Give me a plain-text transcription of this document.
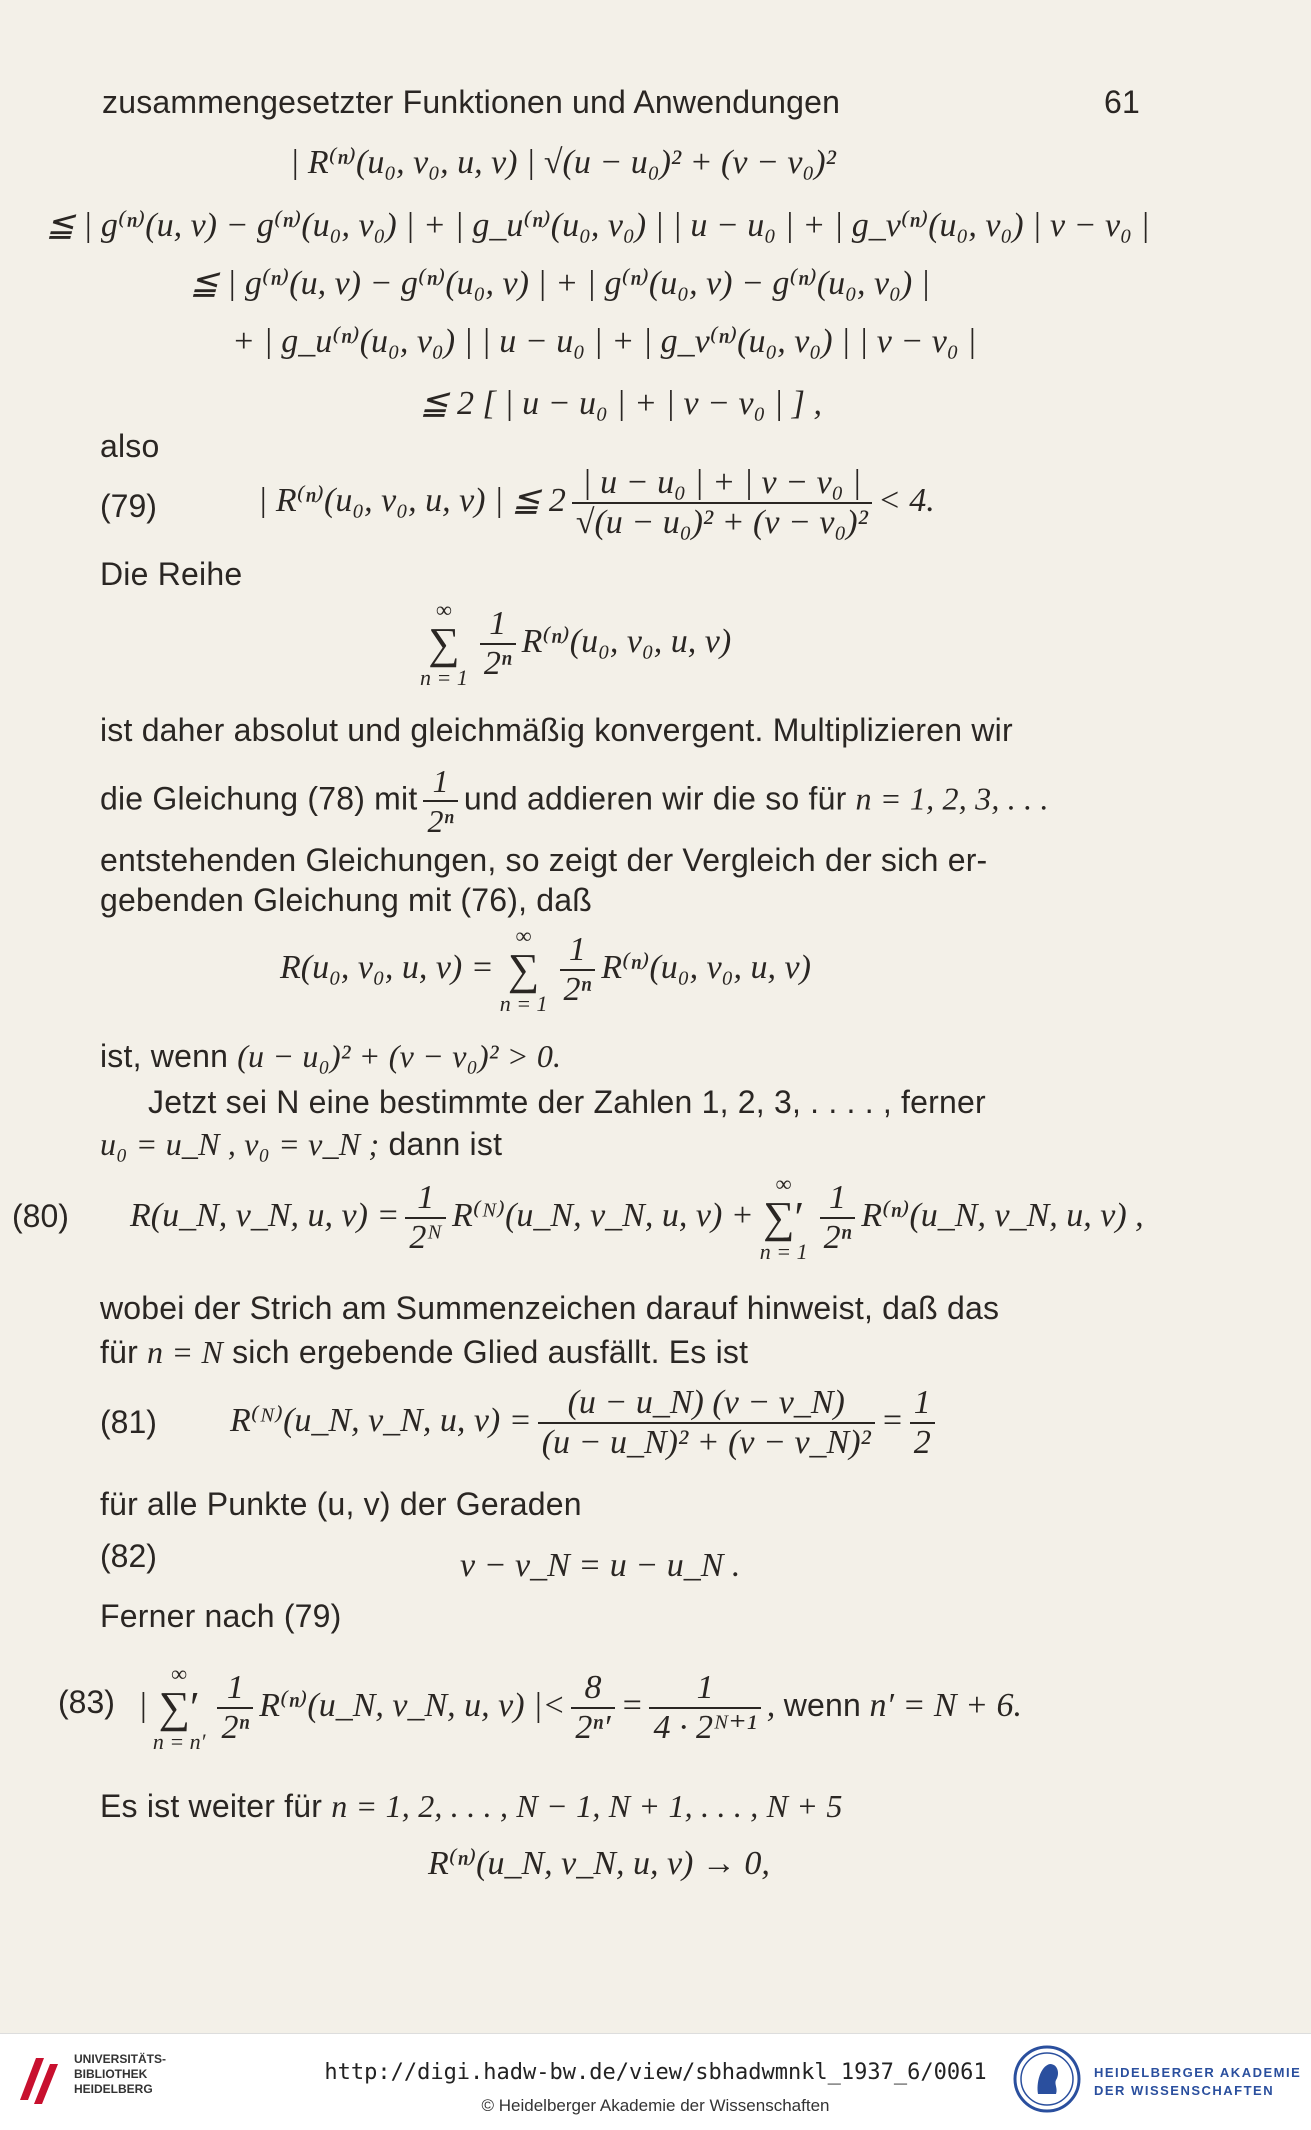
zusammengesetzter Funktionen und Anwendungen	61
| R⁽ⁿ⁾(u₀, v₀, u, v) | √(u − u₀)² + (v − v₀)²
≦ | g⁽ⁿ⁾(u, v) − g⁽ⁿ⁾(u₀, v₀) | + | g_u⁽ⁿ⁾(u₀, v₀) | | u − u₀ | + | g_v⁽ⁿ⁾(u₀, v₀) | v − v₀ |
≦ | g⁽ⁿ⁾(u, v) − g⁽ⁿ⁾(u₀, v) | + | g⁽ⁿ⁾(u₀, v) − g⁽ⁿ⁾(u₀, v₀) |
+ | g_u⁽ⁿ⁾(u₀, v₀) | | u − u₀ | + | g_v⁽ⁿ⁾(u₀, v₀) | | v − v₀ |
≦ 2 [ | u − u₀ | + | v − v₀ | ] ,
also
(79)	| R⁽ⁿ⁾(u₀, v₀, u, v) | ≦ $2 \frac{\text{| u − u₀ | + | v − v₀ |}}{\text{√(u − u₀)² + (v − v₀)²}} < 4$.
Die Reihe
∞
∑
$n = 1 \frac{1}{\text{2ⁿ}} R^{(n)}(u_0$, v₀, u, v)
ist daher absolut und gleichmäßig konvergent. Multiplizieren wir
die Gleichung (78) mit $\frac{1}{\text{2ⁿ}}$ und addieren wir die so für n = 1, 2, 3, . . .
entstehenden Gleichungen, so zeigt der Vergleich der sich er-
gebenden Gleichung mit (76), daß
R(u₀, v₀, u, v) =
∞
∑
$n = 1 \frac{1}{\text{2ⁿ}} R^{(n)}(u_0$, v₀, u, v)
ist, wenn (u − u₀)² + (v − v₀)² > 0.
Jetzt sei N eine bestimmte der Zahlen 1, 2, 3, . . . . , ferner
u₀ = u_N , v₀ = v_N ; dann ist
(80) R(u_N, v_N, u, $v) = \frac{1}{\text{2ᴺ}}$ R⁽ᴺ⁾(u_N, v_N, u, v) +
∞
∑′
$n = 1 \frac{1}{\text{2ⁿ}}$ R⁽ⁿ⁾(u_N, v_N, u, v) ,
wobei der Strich am Summenzeichen darauf hinweist, daß das
für n = N sich ergebende Glied ausfällt. Es ist
(81) R⁽ᴺ⁾(u_N, v_N, u, $v) = \frac{(u - u\_N) (v - v\_N)}{\text{(u − u\_N)² + (v − v\_N)²}} = \frac{1}{2}$
für alle Punkte (u, v) der Geraden
(82)	v − v_N = u − u_N .
Ferner nach (79)
(83) |
∞
∑′
$n = n' \frac{1}{\text{2ⁿ}}$ R⁽ⁿ⁾(u_N, v_N, u, v) |< $\frac{8}{\text{2ⁿ′}} = \frac{1}{\text{4 · 2ᴺ⁺¹}}$ , wenn n′ = N + 6.
Es ist weiter für n = 1, 2, . . . , N − 1, N + 1, . . . , N + 5
R⁽ⁿ⁾(u_N, v_N, u, v) → 0,
UNIVERSITÄTS-
BIBLIOTHEK
HEIDELBERG
http://digi.hadw-bw.de/view/sbhadwmnkl_1937_6/0061
© Heidelberger Akademie der Wissenschaften
HEIDELBERGER AKADEMIE
DER WISSENSCHAFTEN
